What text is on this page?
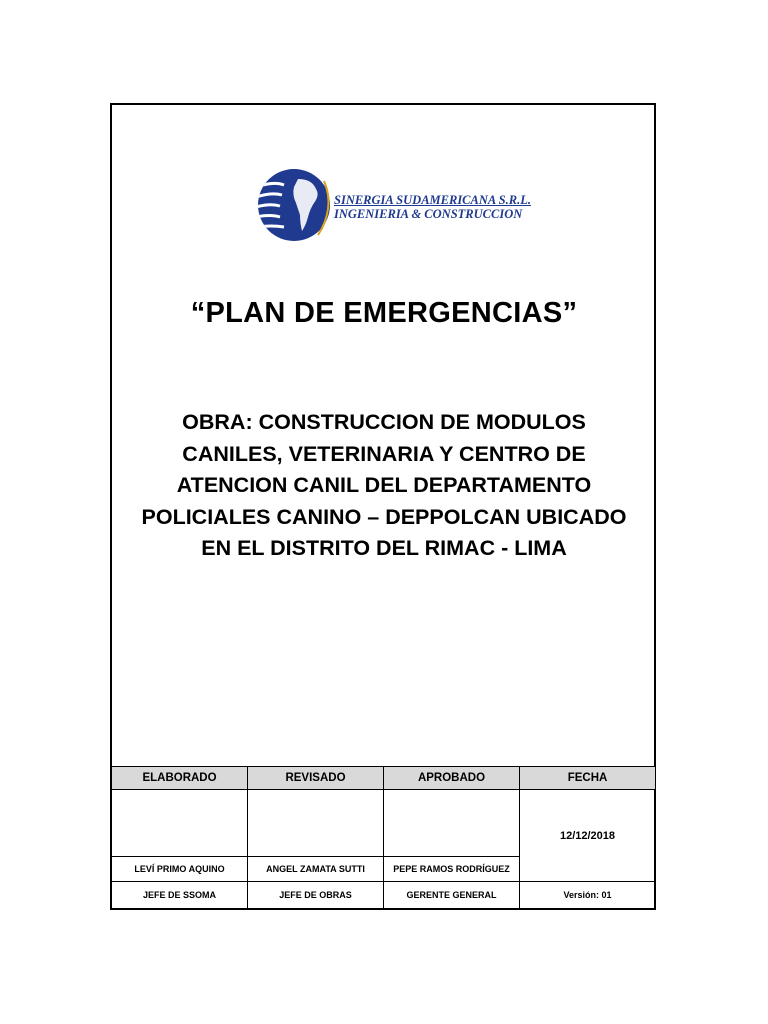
SINERGIA SUDAMERICANA S.R.L.
INGENIERIA & CONSTRUCCION
“PLAN DE EMERGENCIAS”
OBRA: CONSTRUCCION DE MODULOS
CANILES, VETERINARIA Y CENTRO DE
ATENCION CANIL DEL DEPARTAMENTO
POLICIALES CANINO – DEPPOLCAN UBICADO
EN EL DISTRITO DEL RIMAC - LIMA
ELABORADO	REVISADO	APROBADO	FECHA
			12/12/2018
LEVÍ PRIMO AQUINO	ANGEL ZAMATA SUTTI	PEPE RAMOS RODRÍGUEZ	
JEFE DE SSOMA	JEFE DE OBRAS	GERENTE GENERAL	Versión: 01
